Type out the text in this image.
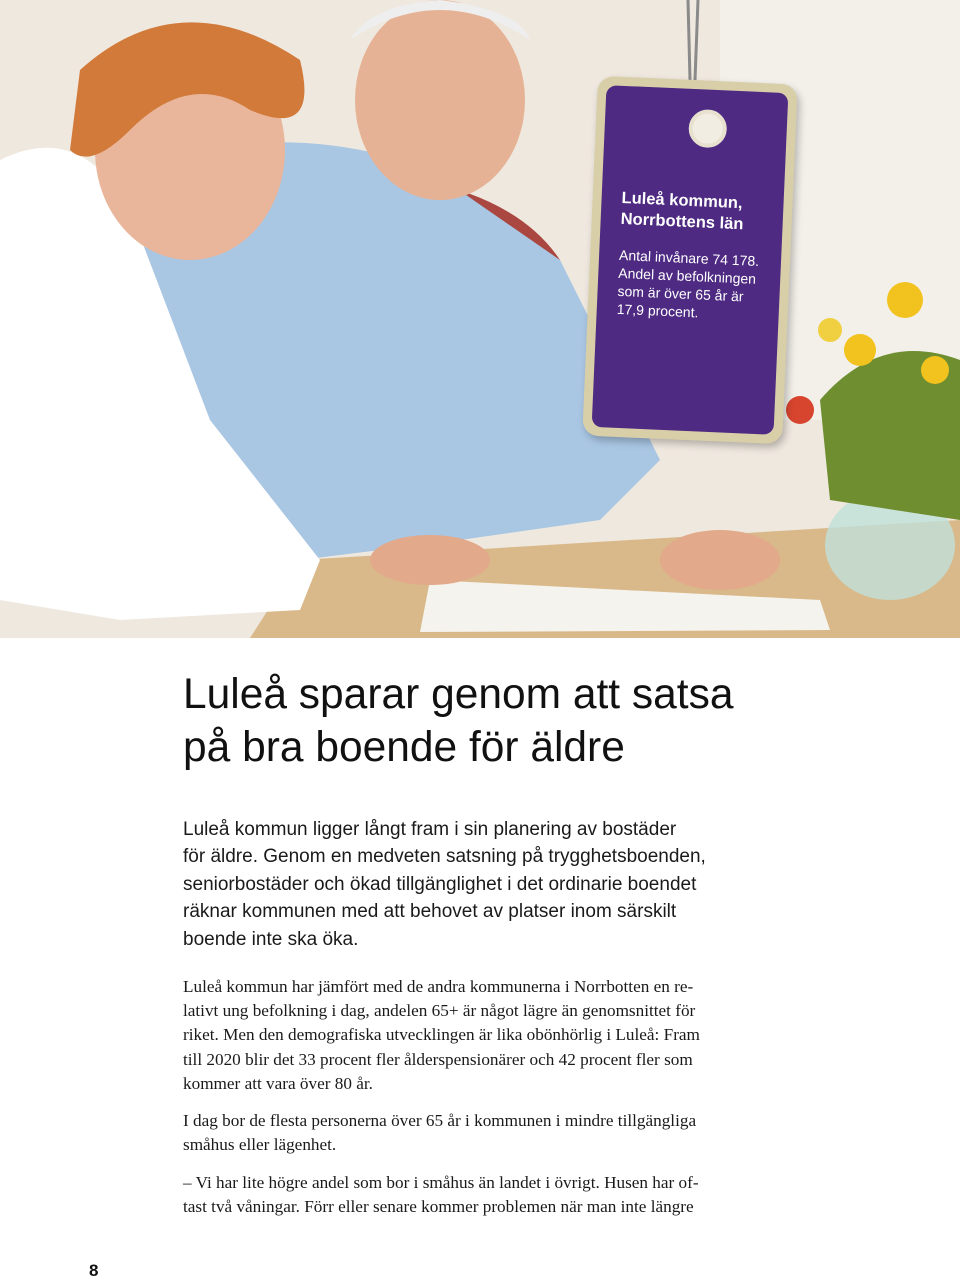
Luleå kommun,
Norrbottens län
Antal invånare 74 178.
Andel av befolkningen
som är över 65 år är
17,9 procent.
Luleå sparar genom att satsa
på bra boende för äldre
Luleå kommun ligger långt fram i sin planering av bostäder
för äldre. Genom en medveten satsning på trygghetsboenden,
seniorbostäder och ökad tillgänglighet i det ordinarie boendet
räknar kommunen med att behovet av platser inom särskilt
boende inte ska öka.
Luleå kommun har jämfört med de andra kommunerna i Norrbotten en re-
lativt ung befolkning i dag, andelen 65+ är något lägre än genomsnittet för
riket. Men den demografiska utvecklingen är lika obönhörlig i Luleå: Fram
till 2020 blir det 33 procent fler ålderspensionärer och 42 procent fler som
kommer att vara över 80 år.
I dag bor de flesta personerna över 65 år i kommunen i mindre tillgängliga
småhus eller lägenhet.
– Vi har lite högre andel som bor i småhus än landet i övrigt. Husen har of-
tast två våningar. Förr eller senare kommer problemen när man inte längre
8
